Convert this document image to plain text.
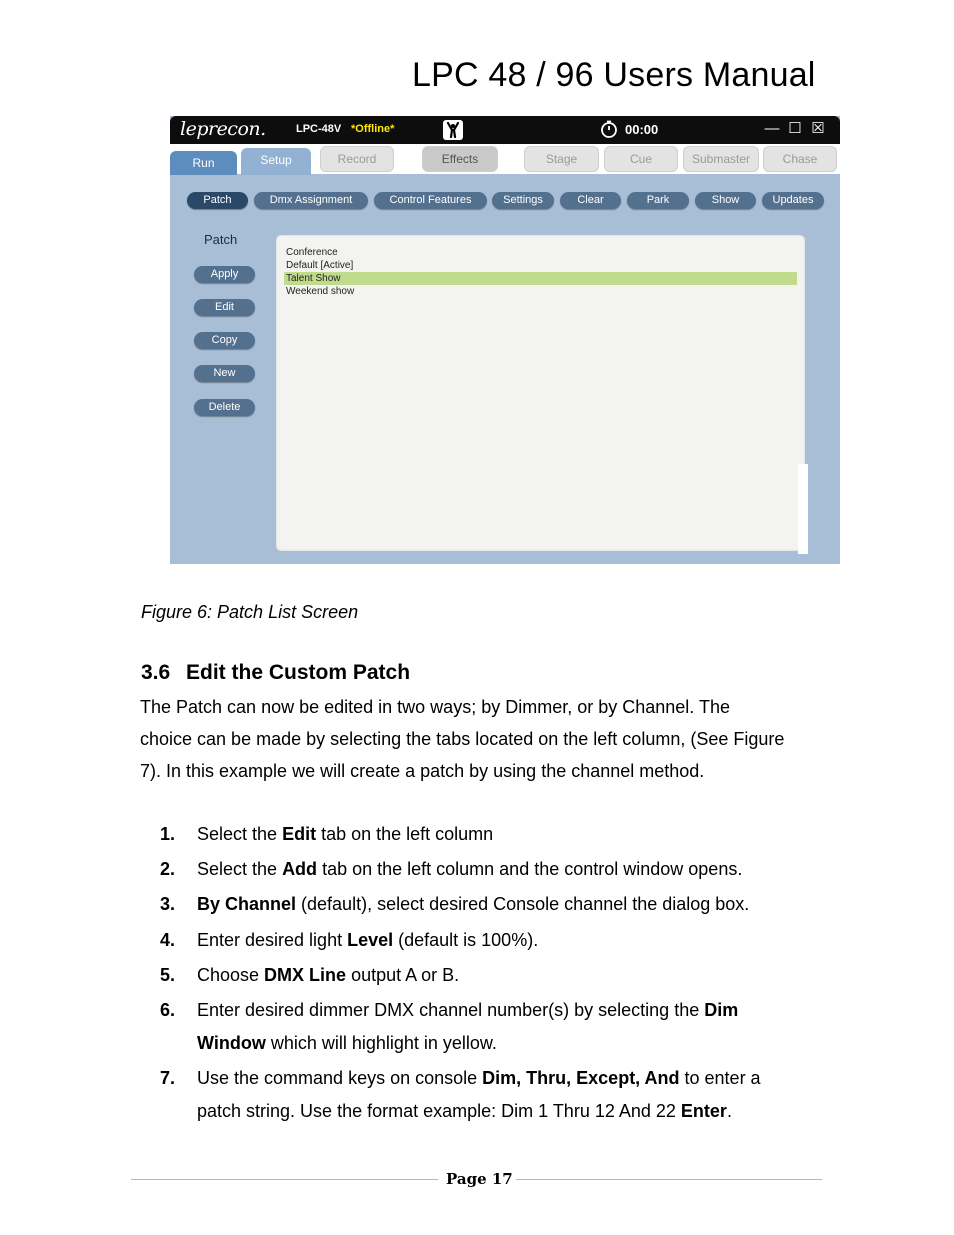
LPC 48 / 96 Users Manual
leprecon.	LPC-48V *Offline*	00:00	— ☐ ☒
Run	Setup	Record	Effects	Stage	Cue	Submaster	Chase
Patch	Dmx Assignment	Control Features	Settings	Clear	Park	Show	Updates
Patch
Apply
Edit
Copy
New
Delete
Conference
Default [Active]
Talent Show
Weekend show
Figure 6: Patch List Screen
3.6 Edit the Custom Patch
The Patch can now be edited in two ways; by Dimmer, or by Channel. The
choice can be made by selecting the tabs located on the left column, (See Figure
7). In this example we will create a patch by using the channel method.
1. Select the Edit tab on the left column
2. Select the Add tab on the left column and the control window opens.
3. By Channel (default), select desired Console channel the dialog box.
4. Enter desired light Level (default is 100%).
5. Choose DMX Line output A or B.
6. Enter desired dimmer DMX channel number(s) by selecting the Dim
Window which will highlight in yellow.
7. Use the command keys on console Dim, Thru, Except, And to enter a
patch string. Use the format example: Dim 1 Thru 12 And 22 Enter.
Page 17
